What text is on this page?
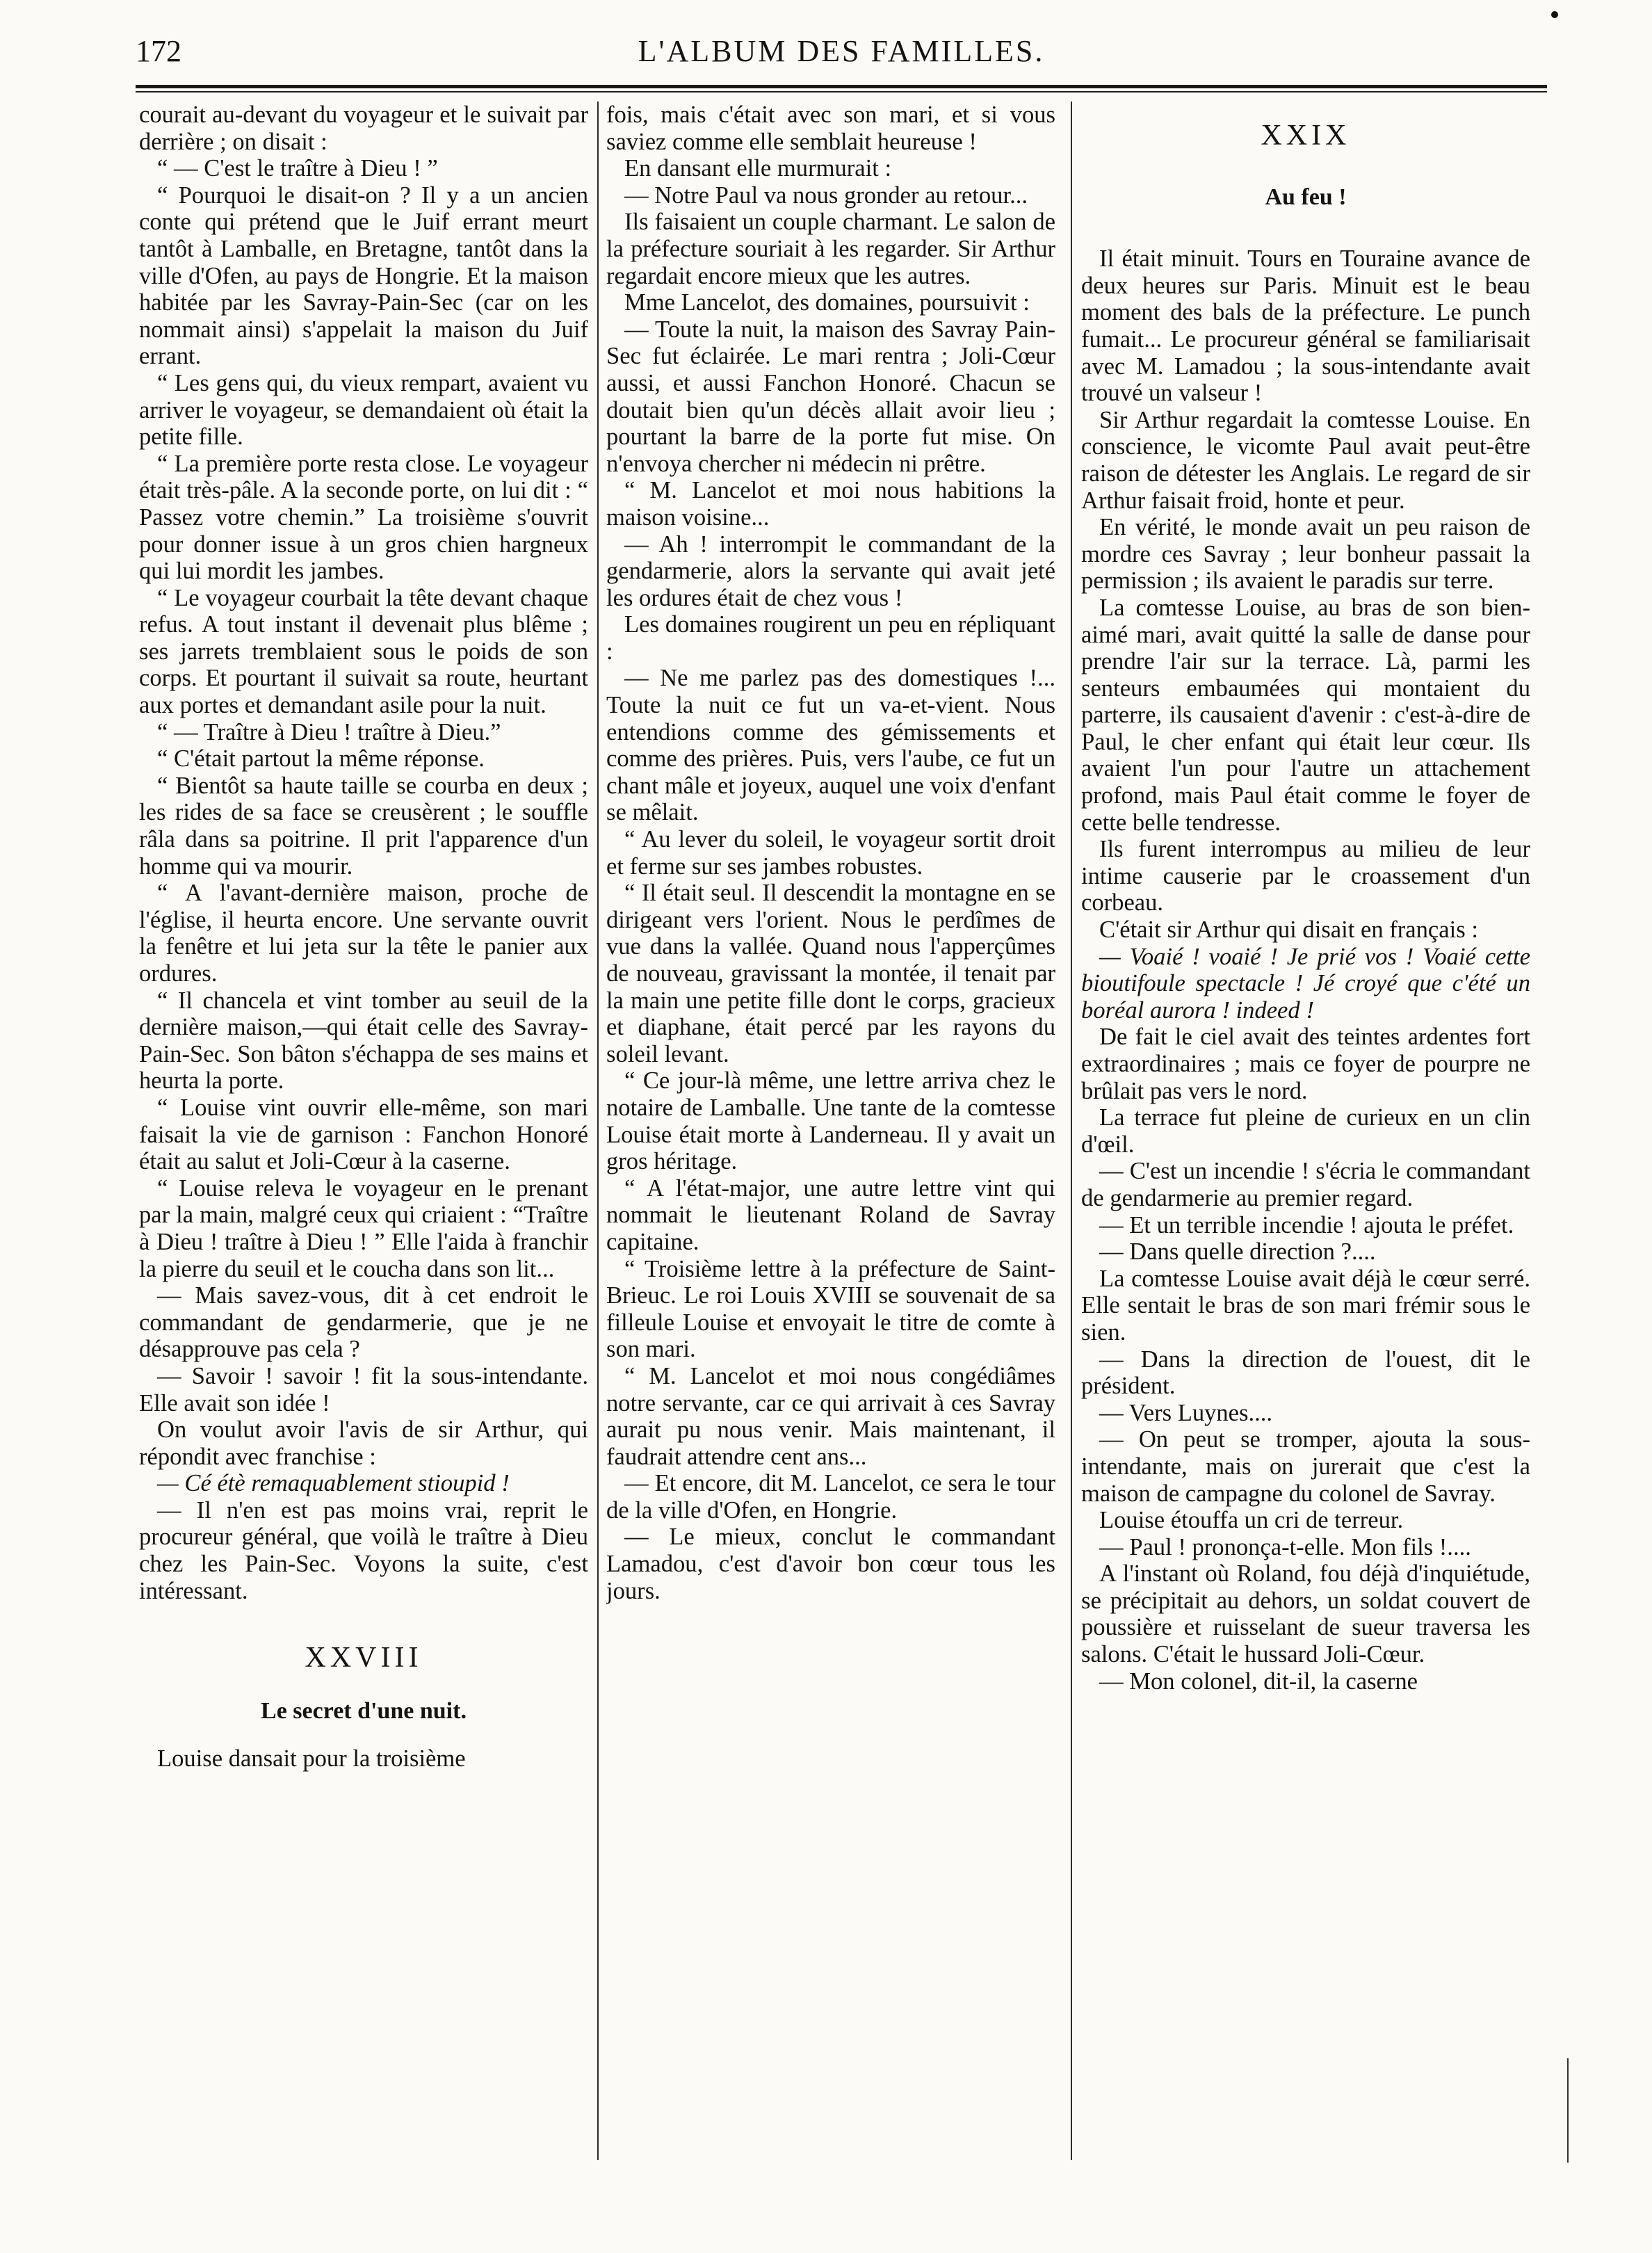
172	L'ALBUM DES FAMILLES.

courait au-devant du voyageur et le suivait par derrière ; on disait :

“ — C'est le traître à Dieu ! ”

“ Pourquoi le disait-on ? Il y a un ancien conte qui prétend que le Juif errant meurt tantôt à Lamballe, en Bretagne, tantôt dans la ville d'Ofen, au pays de Hongrie. Et la maison habitée par les Savray-Pain-Sec (car on les nommait ainsi) s'appelait la maison du Juif errant.

“ Les gens qui, du vieux rempart, avaient vu arriver le voyageur, se demandaient où était la petite fille.

“ La première porte resta close. Le voyageur était très-pâle. A la seconde porte, on lui dit : “ Passez votre chemin.” La troisième s'ouvrit pour donner issue à un gros chien hargneux qui lui mordit les jambes.

“ Le voyageur courbait la tête devant chaque refus. A tout instant il devenait plus blême ; ses jarrets tremblaient sous le poids de son corps. Et pourtant il suivait sa route, heurtant aux portes et demandant asile pour la nuit.

“ — Traître à Dieu ! traître à Dieu.”

“ C'était partout la même réponse.

“ Bientôt sa haute taille se courba en deux ; les rides de sa face se creusèrent ; le souffle râla dans sa poitrine. Il prit l'apparence d'un homme qui va mourir.

“ A l'avant-dernière maison, proche de l'église, il heurta encore. Une servante ouvrit la fenêtre et lui jeta sur la tête le panier aux ordures.

“ Il chancela et vint tomber au seuil de la dernière maison,—qui était celle des Savray-Pain-Sec. Son bâton s'échappa de ses mains et heurta la porte.

“ Louise vint ouvrir elle-même, son mari faisait la vie de garnison : Fanchon Honoré était au salut et Joli-Cœur à la caserne.

“ Louise releva le voyageur en le prenant par la main, malgré ceux qui criaient : “Traître à Dieu ! traître à Dieu ! ” Elle l'aida à franchir la pierre du seuil et le coucha dans son lit...

— Mais savez-vous, dit à cet endroit le commandant de gendarmerie, que je ne désapprouve pas cela ?

— Savoir ! savoir ! fit la sous-intendante. Elle avait son idée !

On voulut avoir l'avis de sir Arthur, qui répondit avec franchise :

— Cé étè remaquablement stioupid !

— Il n'en est pas moins vrai, reprit le procureur général, que voilà le traître à Dieu chez les Pain-Sec. Voyons la suite, c'est intéressant.

XXVIII
Le secret d'une nuit.

Louise dansait pour la troisième

fois, mais c'était avec son mari, et si vous saviez comme elle semblait heureuse !

En dansant elle murmurait :

— Notre Paul va nous gronder au retour...

Ils faisaient un couple charmant. Le salon de la préfecture souriait à les regarder. Sir Arthur regardait encore mieux que les autres.

Mme Lancelot, des domaines, poursuivit :

— Toute la nuit, la maison des Savray Pain-Sec fut éclairée. Le mari rentra ; Joli-Cœur aussi, et aussi Fanchon Honoré. Chacun se doutait bien qu'un décès allait avoir lieu ; pourtant la barre de la porte fut mise. On n'envoya chercher ni médecin ni prêtre.

“ M. Lancelot et moi nous habitions la maison voisine...

— Ah ! interrompit le commandant de la gendarmerie, alors la servante qui avait jeté les ordures était de chez vous !

Les domaines rougirent un peu en répliquant :

— Ne me parlez pas des domestiques !... Toute la nuit ce fut un va-et-vient. Nous entendions comme des gémissements et comme des prières. Puis, vers l'aube, ce fut un chant mâle et joyeux, auquel une voix d'enfant se mêlait.

“ Au lever du soleil, le voyageur sortit droit et ferme sur ses jambes robustes.

“ Il était seul. Il descendit la montagne en se dirigeant vers l'orient. Nous le perdîmes de vue dans la vallée. Quand nous l'apperçûmes de nouveau, gravissant la montée, il tenait par la main une petite fille dont le corps, gracieux et diaphane, était percé par les rayons du soleil levant.

“ Ce jour-là même, une lettre arriva chez le notaire de Lamballe. Une tante de la comtesse Louise était morte à Landerneau. Il y avait un gros héritage.

“ A l'état-major, une autre lettre vint qui nommait le lieutenant Roland de Savray capitaine.

“ Troisième lettre à la préfecture de Saint-Brieuc. Le roi Louis XVIII se souvenait de sa filleule Louise et envoyait le titre de comte à son mari.

“ M. Lancelot et moi nous congédiâmes notre servante, car ce qui arrivait à ces Savray aurait pu nous venir. Mais maintenant, il faudrait attendre cent ans...

— Et encore, dit M. Lancelot, ce sera le tour de la ville d'Ofen, en Hongrie.

— Le mieux, conclut le commandant Lamadou, c'est d'avoir bon cœur tous les jours.

XXIX
Au feu !

Il était minuit. Tours en Touraine avance de deux heures sur Paris. Minuit est le beau moment des bals de la préfecture. Le punch fumait... Le procureur général se familiarisait avec M. Lamadou ; la sous-intendante avait trouvé un valseur !

Sir Arthur regardait la comtesse Louise. En conscience, le vicomte Paul avait peut-être raison de détester les Anglais. Le regard de sir Arthur faisait froid, honte et peur.

En vérité, le monde avait un peu raison de mordre ces Savray ; leur bonheur passait la permission ; ils avaient le paradis sur terre.

La comtesse Louise, au bras de son bien-aimé mari, avait quitté la salle de danse pour prendre l'air sur la terrace. Là, parmi les senteurs embaumées qui montaient du parterre, ils causaient d'avenir : c'est-à-dire de Paul, le cher enfant qui était leur cœur. Ils avaient l'un pour l'autre un attachement profond, mais Paul était comme le foyer de cette belle tendresse.

Ils furent interrompus au milieu de leur intime causerie par le croassement d'un corbeau.

C'était sir Arthur qui disait en français :

— Voaié ! voaié ! Je prié vos ! Voaié cette bioutifoule spectacle ! Jé croyé que c'été un boréal aurora ! indeed !

De fait le ciel avait des teintes ardentes fort extraordinaires ; mais ce foyer de pourpre ne brûlait pas vers le nord.

La terrace fut pleine de curieux en un clin d'œil.

— C'est un incendie ! s'écria le commandant de gendarmerie au premier regard.

— Et un terrible incendie ! ajouta le préfet.

— Dans quelle direction ?....

La comtesse Louise avait déjà le cœur serré. Elle sentait le bras de son mari frémir sous le sien.

— Dans la direction de l'ouest, dit le président.

— Vers Luynes....

— On peut se tromper, ajouta la sous-intendante, mais on jurerait que c'est la maison de campagne du colonel de Savray.

Louise étouffa un cri de terreur.

— Paul ! prononça-t-elle. Mon fils !....

A l'instant où Roland, fou déjà d'inquiétude, se précipitait au dehors, un soldat couvert de poussière et ruisselant de sueur traversa les salons. C'était le hussard Joli-Cœur.

— Mon colonel, dit-il, la caserne
